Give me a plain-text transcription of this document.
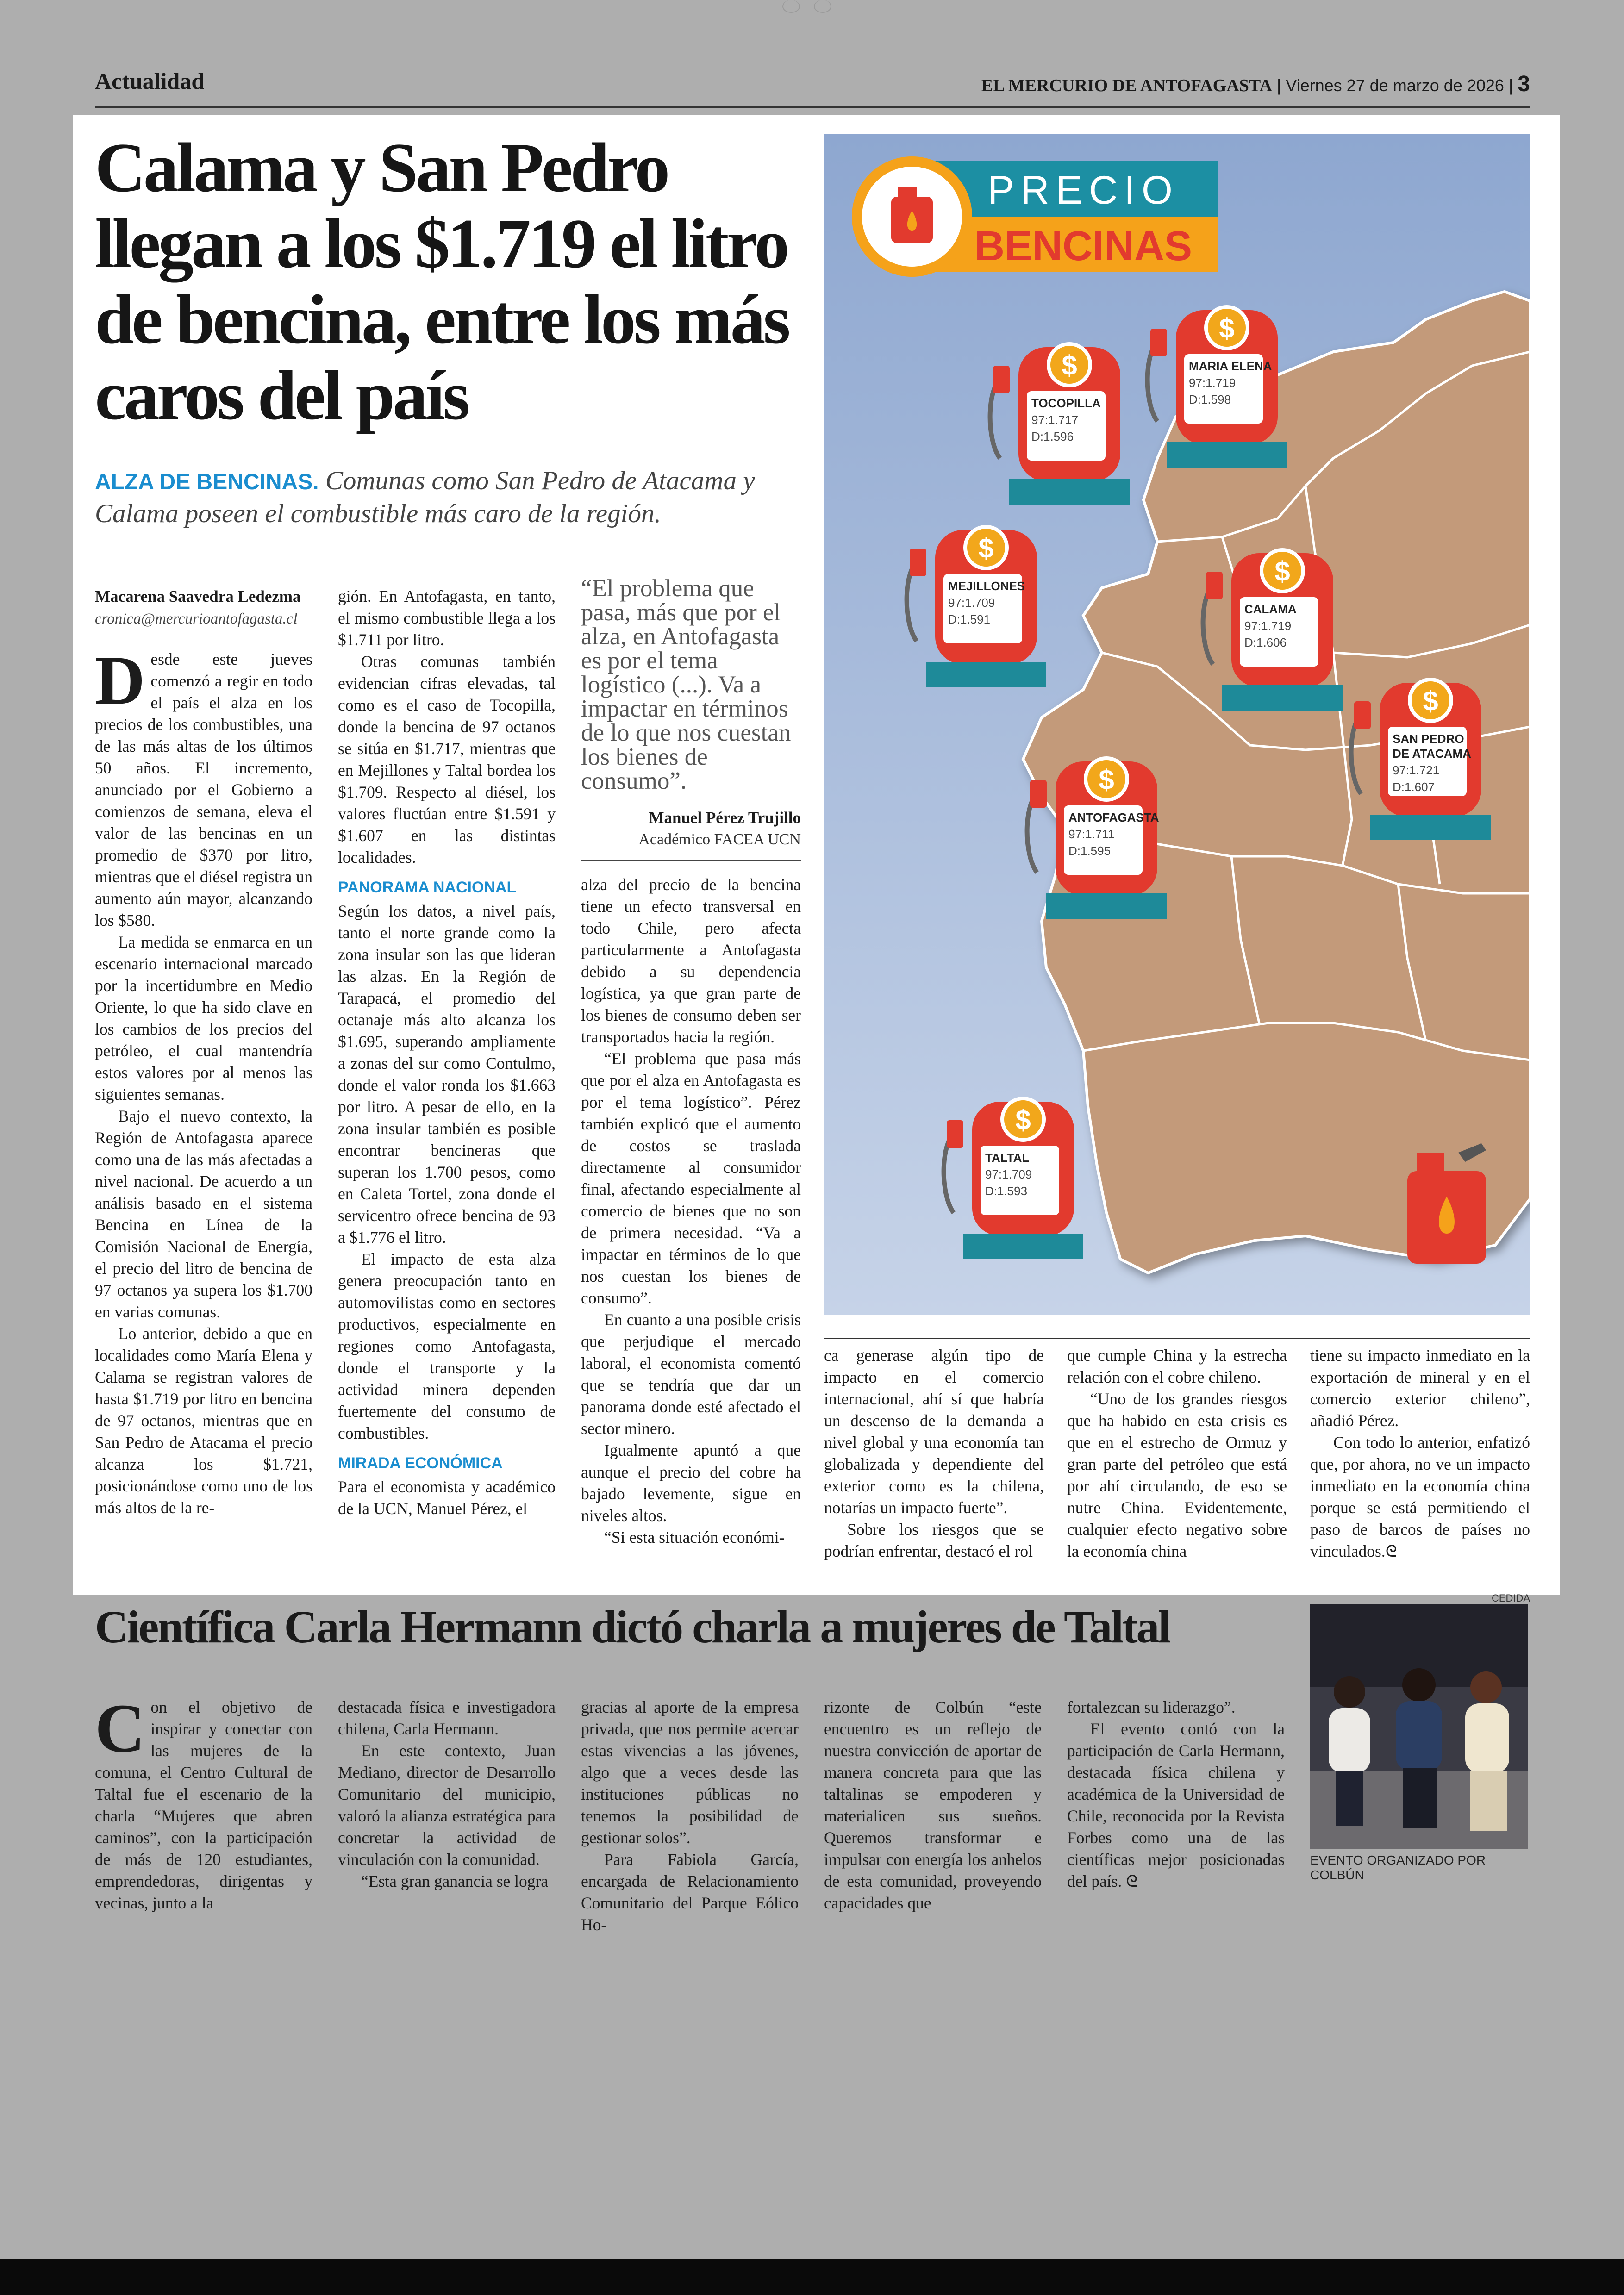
Actualidad	EL MERCURIO DE ANTOFAGASTA | Viernes 27 de marzo de 2026 | 3
Calama y San Pedro llegan a los $1.719 el litro de bencina, entre los más caros del país
ALZA DE BENCINAS. Comunas como San Pedro de Atacama y Calama poseen el combustible más caro de la región.
Macarena Saavedra Ledezma
cronica@mercurioantofagasta.cl

Desde este jueves comenzó a regir en todo el país el alza en los precios de los combustibles, una de las más altas de los últimos 50 años. El incremento, anunciado por el Gobierno a comienzos de semana, eleva el valor de las bencinas en un promedio de $370 por litro, mientras que el diésel registra un aumento aún mayor, alcanzando los $580.

La medida se enmarca en un escenario internacional marcado por la incertidumbre en Medio Oriente, lo que ha sido clave en los cambios de los precios del petróleo, el cual mantendría estos valores por al menos las siguientes semanas.

Bajo el nuevo contexto, la Región de Antofagasta aparece como una de las más afectadas a nivel nacional. De acuerdo a un análisis basado en el sistema Bencina en Línea de la Comisión Nacional de Energía, el precio del litro de bencina de 97 octanos ya supera los $1.700 en varias comunas.

Lo anterior, debido a que en localidades como María Elena y Calama se registran valores de hasta $1.719 por litro en bencina de 97 octanos, mientras que en San Pedro de Atacama el precio alcanza los $1.721, posicionándose como uno de los más altos de la re-

gión. En Antofagasta, en tanto, el mismo combustible llega a los $1.711 por litro.

Otras comunas también evidencian cifras elevadas, tal como es el caso de Tocopilla, donde la bencina de 97 octanos se sitúa en $1.717, mientras que en Mejillones y Taltal bordea los $1.709. Respecto al diésel, los valores fluctúan entre $1.591 y $1.607 en las distintas localidades.

PANORAMA NACIONAL

Según los datos, a nivel país, tanto el norte grande como la zona insular son las que lideran las alzas. En la Región de Tarapacá, el promedio del octanaje más alto alcanza los $1.695, superando ampliamente a zonas del sur como Contulmo, donde el valor ronda los $1.663 por litro. A pesar de ello, en la zona insular también es posible encontrar bencineras que superan los 1.700 pesos, como en Caleta Tortel, zona donde el servicentro ofrece bencina de 93 a $1.776 el litro.

El impacto de esta alza genera preocupación tanto en automovilistas como en sectores productivos, especialmente en regiones como Antofagasta, donde el transporte y la actividad minera dependen fuertemente del consumo de combustibles.

MIRADA ECONÓMICA

Para el economista y académico de la UCN, Manuel Pérez, el

“El problema que pasa, más que por el alza, en Antofagasta es por el tema logístico (...). Va a impactar en términos de lo que nos cuestan los bienes de consumo”.
Manuel Pérez Trujillo
Académico FACEA UCN

alza del precio de la bencina tiene un efecto transversal en todo Chile, pero afecta particularmente a Antofagasta debido a su dependencia logística, ya que gran parte de los bienes de consumo deben ser transportados hacia la región.

“El problema que pasa más que por el alza en Antofagasta es por el tema logístico”. Pérez también explicó que el aumento de costos se traslada directamente al consumidor final, afectando especialmente al comercio de bienes que no son de primera necesidad. “Va a impactar en términos de lo que nos cuestan los bienes de consumo”.

En cuanto a una posible crisis que perjudique el mercado laboral, el economista comentó que se tendría que dar un panorama donde esté afectado el sector minero.

Igualmente apuntó a que aunque el precio del cobre ha bajado levemente, sigue en niveles altos.

“Si esta situación económi-

PRECIO
BENCINAS
$
TOCOPILLA
97:1.717
D:1.596
$
MARIA ELENA
97:1.719
D:1.598
$
MEJILLONES
97:1.709
D:1.591
$
CALAMA
97:1.719
D:1.606
$
SAN PEDRO
DE ATACAMA
97:1.721
D:1.607
$
ANTOFAGASTA
97:1.711
D:1.595
$
TALTAL
97:1.709
D:1.593

ca generase algún tipo de impacto en el comercio internacional, ahí sí que habría un descenso de la demanda a nivel global y una economía tan globalizada y dependiente del exterior como es la chilena, notarías un impacto fuerte”.

Sobre los riesgos que se podrían enfrentar, destacó el rol

que cumple China y la estrecha relación con el cobre chileno.

“Uno de los grandes riesgos que ha habido en esta crisis es que en el estrecho de Ormuz y gran parte del petróleo que está por ahí circulando, de eso se nutre China. Evidentemente, cualquier efecto negativo sobre la economía china

tiene su impacto inmediato en la exportación de mineral y en el comercio exterior chileno”, añadió Pérez.

Con todo lo anterior, enfatizó que, por ahora, no ve un impacto inmediato en la economía china porque se está permitiendo el paso de barcos de países no vinculados.ᘓ

CEDIDA
Científica Carla Hermann dictó charla a mujeres de Taltal

Con el objetivo de inspirar y conectar con las mujeres de la comuna, el Centro Cultural de Taltal fue el escenario de la charla “Mujeres que abren caminos”, con la participación de más de 120 estudiantes, emprendedoras, dirigentas y vecinas, junto a la

destacada física e investigadora chilena, Carla Hermann.

En este contexto, Juan Mediano, director de Desarrollo Comunitario del municipio, valoró la alianza estratégica para concretar la actividad de vinculación con la comunidad.

“Esta gran ganancia se logra

gracias al aporte de la empresa privada, que nos permite acercar estas vivencias a las jóvenes, algo que a veces desde las instituciones públicas no tenemos la posibilidad de gestionar solos”.

Para Fabiola García, encargada de Relacionamiento Comunitario del Parque Eólico Ho-

rizonte de Colbún “este encuentro es un reflejo de nuestra convicción de aportar de manera concreta para que las taltalinas se empoderen y materialicen sus sueños. Queremos transformar e impulsar con energía los anhelos de esta comunidad, proveyendo capacidades que

fortalezcan su liderazgo”.

El evento contó con la participación de Carla Hermann, destacada física chilena y académica de la Universidad de Chile, reconocida por la Revista Forbes como una de las científicas mejor posicionadas del país. ᘓ

EVENTO ORGANIZADO POR COLBÚN
